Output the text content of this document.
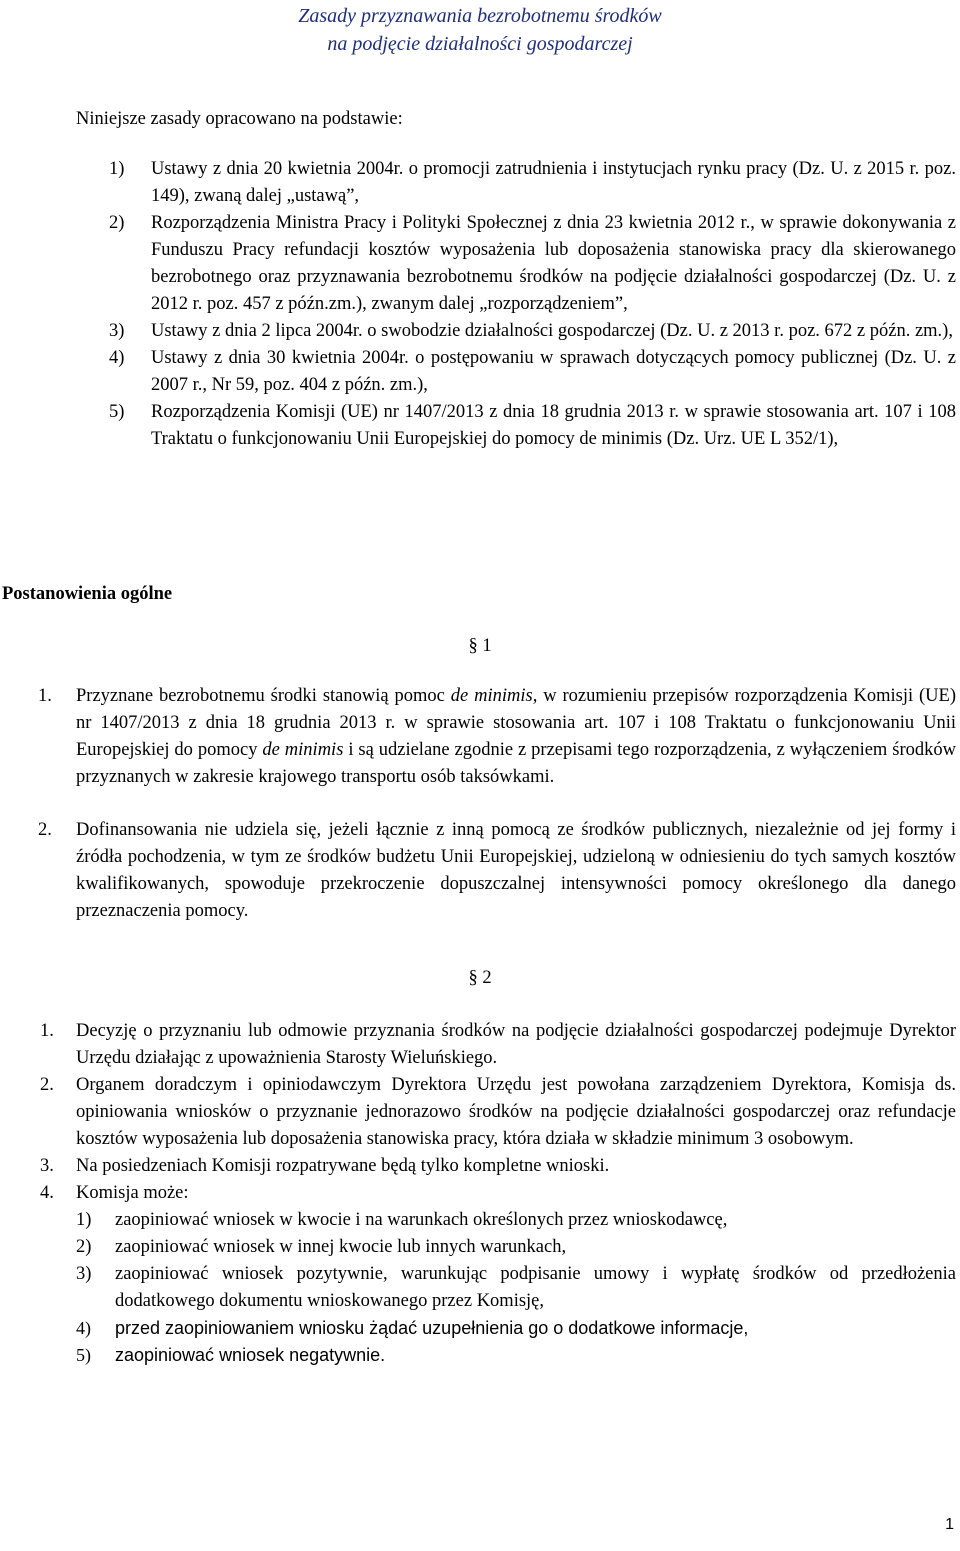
Zasady przyznawania bezrobotnemu środków
na podjęcie działalności gospodarczej
Niniejsze zasady opracowano na podstawie:
1) Ustawy z dnia 20 kwietnia 2004r. o promocji zatrudnienia i instytucjach rynku pracy (Dz. U. z 2015 r. poz. 149), zwaną dalej „ustawą”,
2) Rozporządzenia Ministra Pracy i Polityki Społecznej z dnia 23 kwietnia 2012 r., w sprawie dokonywania z Funduszu Pracy refundacji kosztów wyposażenia lub doposażenia stanowiska pracy dla skierowanego bezrobotnego oraz przyznawania bezrobotnemu środków na podjęcie działalności gospodarczej (Dz. U. z 2012 r. poz. 457 z późn.zm.), zwanym dalej „rozporządzeniem”,
3) Ustawy z dnia 2 lipca 2004r. o swobodzie działalności gospodarczej (Dz. U. z 2013 r. poz. 672 z późn. zm.),
4) Ustawy z dnia 30 kwietnia 2004r. o postępowaniu w sprawach dotyczących pomocy publicznej (Dz. U. z 2007 r., Nr 59, poz. 404 z późn. zm.),
5) Rozporządzenia Komisji (UE) nr 1407/2013 z dnia 18 grudnia 2013 r. w sprawie stosowania art. 107 i 108 Traktatu o funkcjonowaniu Unii Europejskiej do pomocy de minimis (Dz. Urz. UE L 352/1),
Postanowienia ogólne
§ 1
1. Przyznane bezrobotnemu środki stanowią pomoc de minimis, w rozumieniu przepisów rozporządzenia Komisji (UE) nr 1407/2013 z dnia 18 grudnia 2013 r. w sprawie stosowania art. 107 i 108 Traktatu o funkcjonowaniu Unii Europejskiej do pomocy de minimis i są udzielane zgodnie z przepisami tego rozporządzenia, z wyłączeniem środków przyznanych w zakresie krajowego transportu osób taksówkami.
2. Dofinansowania nie udziela się, jeżeli łącznie z inną pomocą ze środków publicznych, niezależnie od jej formy i źródła pochodzenia, w tym ze środków budżetu Unii Europejskiej, udzieloną w odniesieniu do tych samych kosztów kwalifikowanych, spowoduje przekroczenie dopuszczalnej intensywności pomocy określonego dla danego przeznaczenia pomocy.
§ 2
1. Decyzję o przyznaniu lub odmowie przyznania środków na podjęcie działalności gospodarczej podejmuje Dyrektor Urzędu działając z upoważnienia Starosty Wieluńskiego.
2. Organem doradczym i opiniodawczym Dyrektora Urzędu jest powołana zarządzeniem Dyrektora, Komisja ds. opiniowania wniosków o przyznanie jednorazowo środków na podjęcie działalności gospodarczej oraz refundacje kosztów wyposażenia lub doposażenia stanowiska pracy, która działa w składzie minimum 3 osobowym.
3. Na posiedzeniach Komisji rozpatrywane będą tylko kompletne wnioski.
4. Komisja może:
1) zaopiniować wniosek w kwocie i na warunkach określonych przez wnioskodawcę,
2) zaopiniować wniosek w innej kwocie lub innych warunkach,
3) zaopiniować wniosek pozytywnie, warunkując podpisanie umowy i wypłatę środków od przedłożenia dodatkowego dokumentu wnioskowanego przez Komisję,
4) przed zaopiniowaniem wniosku żądać uzupełnienia go o dodatkowe informacje,
5) zaopiniować wniosek negatywnie.
1
